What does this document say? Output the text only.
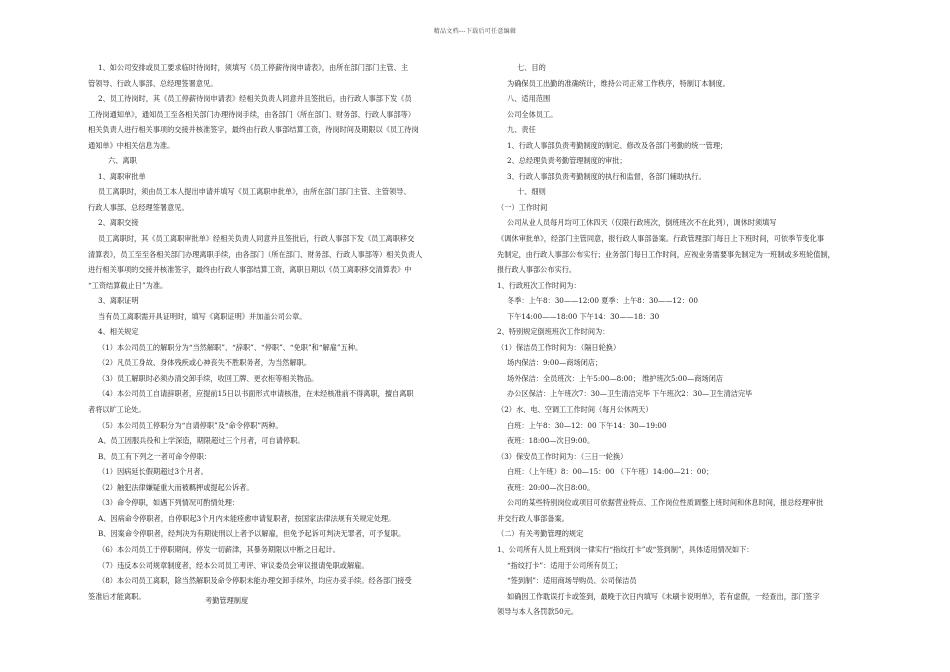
精品文档---下载后可任意编辑

1、如公司安排或员工要求临时待岗时，须填写《员工停薪待岗申请表》，由所在部门部门主管、主

管领导、行政人事部、总经理签署意见。

2、员工待岗时，其《员工停薪待岗申请表》经相关负责人同意并且签批后，由行政人事部下发《员

工待岗通知单》，通知员工至各相关部门办理待岗手续，由各部门（所在部门、财务部、行政人事部等）

相关负责人进行相关事项的交接并核准签字，最终由行政人事部结算工资，待岗时间及期限以《员工待岗

通知单》中相关信息为准。

六、离职

1、离职审批单

员工离职时，须由员工本人提出申请并填写《员工离职申批单》，由所在部门部门主管、主管领导、

行政人事部、总经理签署意见。

2、离职交接

员工离职时，其《员工离职审批单》经相关负责人同意并且签批后，行政人事部下发《员工离职移交

清算表》，员工至至各相关部门办理离职手续，由各部门（所在部门、财务部、行政人事部等）相关负责人

进行相关事项的交接并核准签字，最终由行政人事部结算工资，离职日期以《员工离职移交清算表》中

“工资结算截止日”为准。

3、离职证明

当有员工离职需开具证明时，填写《离职证明》并加盖公司公章。

4、相关规定

（1）本公司员工的解职分为“当然解职”、“辞职”、“停职”、“免职”和“解雇”五种。

（2）凡员工身故、身体残疾或心神丧失不胜职务者，为当然解职。

（3）员工解职时必须办清交卸手续，收回工牌、更衣柜等相关物品。

（4）本公司员工自请辞职者，应提前15日以书面形式申请核准，在未经核准前不得离职，擅自离职

者将以旷工论处。

（5）本公司员工停职分为“自请停职”及“命令停职”两种。

A、员工因服兵役和上学深造，期限超过三个月者，可自请停职。

B、员工有下列之一者可命令停职：

（1）因病延长假期超过3个月者。

（2）触犯法律嫌疑重大而被羁押或提起公诉者。

（3）命令停职，如遇下列情况可酌情处理：

A、因病命令停职者，自停职起3个月内未能痊愈申请复职者，按国家法律法规有关规定处理。

B、因案命令停职者，经判决为有期徒刑以上者予以解雇，但免予起诉可判决无罪者，可予复职。

（6）本公司员工于停职期间，停发一切薪津，其暴务期限以中断之日起计。

（7）违反本公司规章制度者，经本公司员工考评、审议委员会审议报请免职或解雇。

（8）本公司员工离职，除当然解职及命令停职未能办理交卸手续外，均应办妥手续。经各部门接受

签准后才能离职。

七、目的

为确保员工出勤的准确统计，维持公司正常工作秩序，特制订本制度。

八、适用范围

公司全体员工。

九、责任

1、行政人事部负责考勤制度的制定、修改及各部门考勤的统一管理；

2、总经理负责考勤管理制度的审批；

3、行政人事部负责考勤制度的执行和监督，各部门辅助执行。

十、细则

（一）工作时间

公司从业人员每月均可工休四天（仅限行政班次，倒班班次不在此列），调休时须填写

《调休审批单》，经部门主管同意，报行政人事部备案。行政管理部门每日上下班时间，可依季节变化事

先制定，由行政人事部公布实行；业务部门每日工作时间，应视业务需要事先制定为一班制或多班轮值制，

报行政人事部公布实行。

1、行政班次工作时间为：

冬季：上午8：30——12:00 夏季：上午8：30——12：00

下午14:00——18:00 下午14：30——18：30

2、特别规定倒班班次工作时间为：

（1）保洁员工作时间为：（隔日轮换）

场内保洁：9:00—商场闭店；

场外保洁：全员班次：上午5:00—8:00； 维护班次5:00—商场闭店

办公区保洁：上午班次7：30—卫生清洁完毕 下午班次2：30—卫生清洁完毕

（2）水、电、空调工工作时间（每月公休两天）

白班：上午8：30—12：00 下午14：30—19:00

夜班：18:00—次日9:00。

（3）保安员工作时间为：（三日一轮换）

白班：（上午班）8：00—15：00 （下午班）14:00—21：00；

夜班：20:00—次日8:00。

公司的某些特别岗位或项目可依据营业特点、工作岗位性质调整上班时间和休息时间，报总经理审批

并交行政人事部备案。

（二）有关考勤管理的规定

1、公司所有人员上班到岗一律实行“指纹打卡”或“签到制”，具体适用情况如下：

“指纹打卡”：适用于公司所有员工；

“签到制”：适用商场导购员、公司保洁员

如确因工作耽误打卡或签到，最晚于次日内填写《未刷卡说明单》，若有虚假，一经查出，部门签字

领导与本人各罚款50元。

考勤管理制度
